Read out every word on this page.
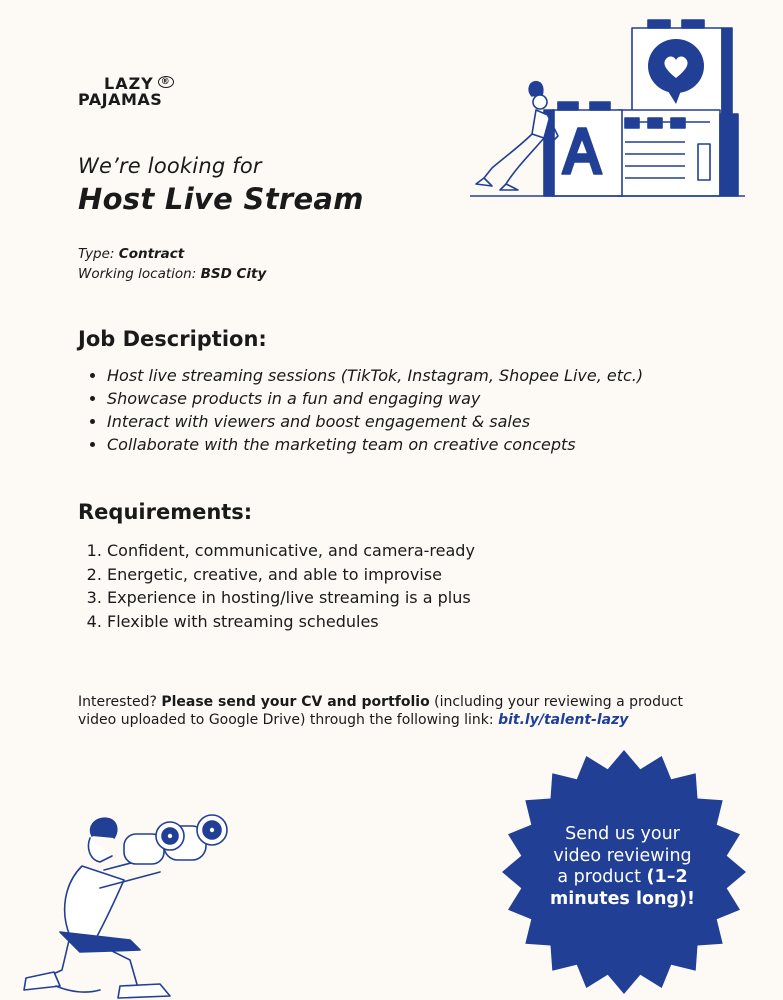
LAZY ®
PAJAMAS
We’re looking for
Host Live Stream
Type: Contract
Working location: BSD City
Job Description:
• Host live streaming sessions (TikTok, Instagram, Shopee Live, etc.)
• Showcase products in a fun and engaging way
• Interact with viewers and boost engagement & sales
• Collaborate with the marketing team on creative concepts
Requirements:
1. Confident, communicative, and camera-ready
2. Energetic, creative, and able to improvise
3. Experience in hosting/live streaming is a plus
4. Flexible with streaming schedules
Interested? Please send your CV and portfolio (including your reviewing a product video uploaded to Google Drive) through the following link: bit.ly/talent-lazy
Send us your
video reviewing
a product (1–2
minutes long)!
